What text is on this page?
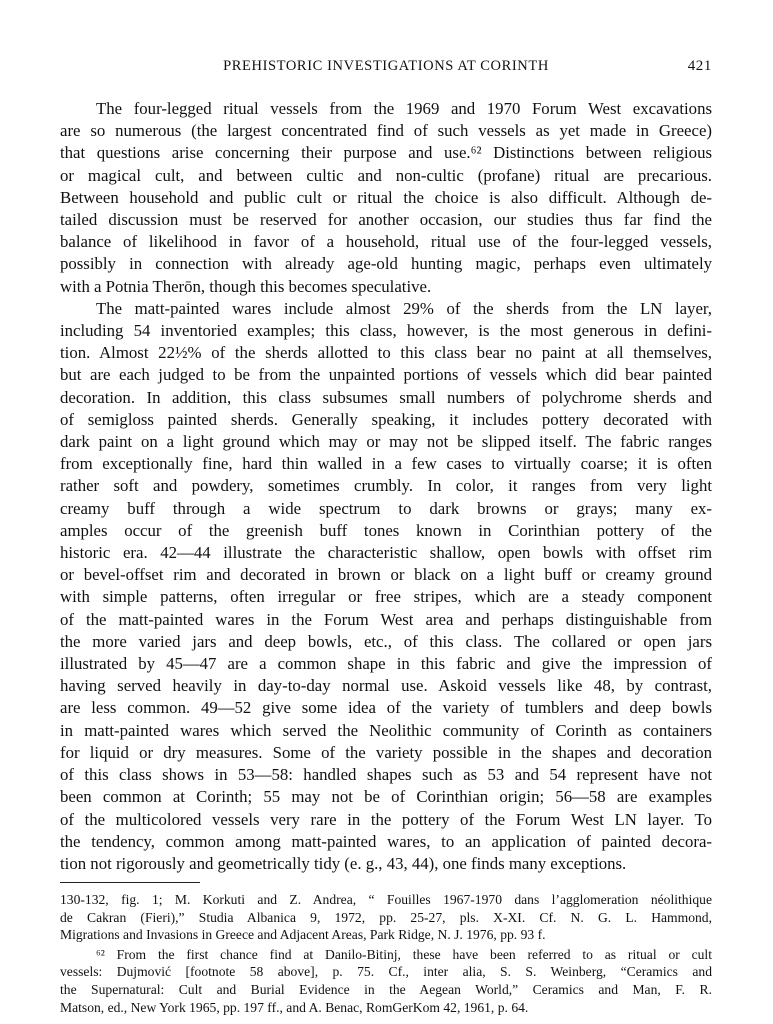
PREHISTORIC INVESTIGATIONS AT CORINTH	421
The four-legged ritual vessels from the 1969 and 1970 Forum West excavations
are so numerous (the largest concentrated find of such vessels as yet made in Greece)
that questions arise concerning their purpose and use.⁶² Distinctions between religious
or magical cult, and between cultic and non-cultic (profane) ritual are precarious.
Between household and public cult or ritual the choice is also difficult. Although de-
tailed discussion must be reserved for another occasion, our studies thus far find the
balance of likelihood in favor of a household, ritual use of the four-legged vessels,
possibly in connection with already age-old hunting magic, perhaps even ultimately
with a Potnia Therōn, though this becomes speculative.
The matt-painted wares include almost 29% of the sherds from the LN layer,
including 54 inventoried examples; this class, however, is the most generous in defini-
tion. Almost 22½% of the sherds allotted to this class bear no paint at all themselves,
but are each judged to be from the unpainted portions of vessels which did bear painted
decoration. In addition, this class subsumes small numbers of polychrome sherds and
of semigloss painted sherds. Generally speaking, it includes pottery decorated with
dark paint on a light ground which may or may not be slipped itself. The fabric ranges
from exceptionally fine, hard thin walled in a few cases to virtually coarse; it is often
rather soft and powdery, sometimes crumbly. In color, it ranges from very light
creamy buff through a wide spectrum to dark browns or grays; many ex-
amples occur of the greenish buff tones known in Corinthian pottery of the
historic era. 42—44 illustrate the characteristic shallow, open bowls with offset rim
or bevel-offset rim and decorated in brown or black on a light buff or creamy ground
with simple patterns, often irregular or free stripes, which are a steady component
of the matt-painted wares in the Forum West area and perhaps distinguishable from
the more varied jars and deep bowls, etc., of this class. The collared or open jars
illustrated by 45—47 are a common shape in this fabric and give the impression of
having served heavily in day-to-day normal use. Askoid vessels like 48, by contrast,
are less common. 49—52 give some idea of the variety of tumblers and deep bowls
in matt-painted wares which served the Neolithic community of Corinth as containers
for liquid or dry measures. Some of the variety possible in the shapes and decoration
of this class shows in 53—58: handled shapes such as 53 and 54 represent have not
been common at Corinth; 55 may not be of Corinthian origin; 56—58 are examples
of the multicolored vessels very rare in the pottery of the Forum West LN layer. To
the tendency, common among matt-painted wares, to an application of painted decora-
tion not rigorously and geometrically tidy (e. g., 43, 44), one finds many exceptions.
130-132, fig. 1; M. Korkuti and Z. Andrea, “ Fouilles 1967-1970 dans l’agglomeration néolithique
de Cakran (Fieri),” Studia Albanica 9, 1972, pp. 25-27, pls. X-XI. Cf. N. G. L. Hammond,
Migrations and Invasions in Greece and Adjacent Areas, Park Ridge, N. J. 1976, pp. 93 f.
⁶² From the first chance find at Danilo-Bitinj, these have been referred to as ritual or cult
vessels: Dujmović [footnote 58 above], p. 75. Cf., inter alia, S. S. Weinberg, “Ceramics and
the Supernatural: Cult and Burial Evidence in the Aegean World,” Ceramics and Man, F. R.
Matson, ed., New York 1965, pp. 197 ff., and A. Benac, RomGerKom 42, 1961, p. 64.
